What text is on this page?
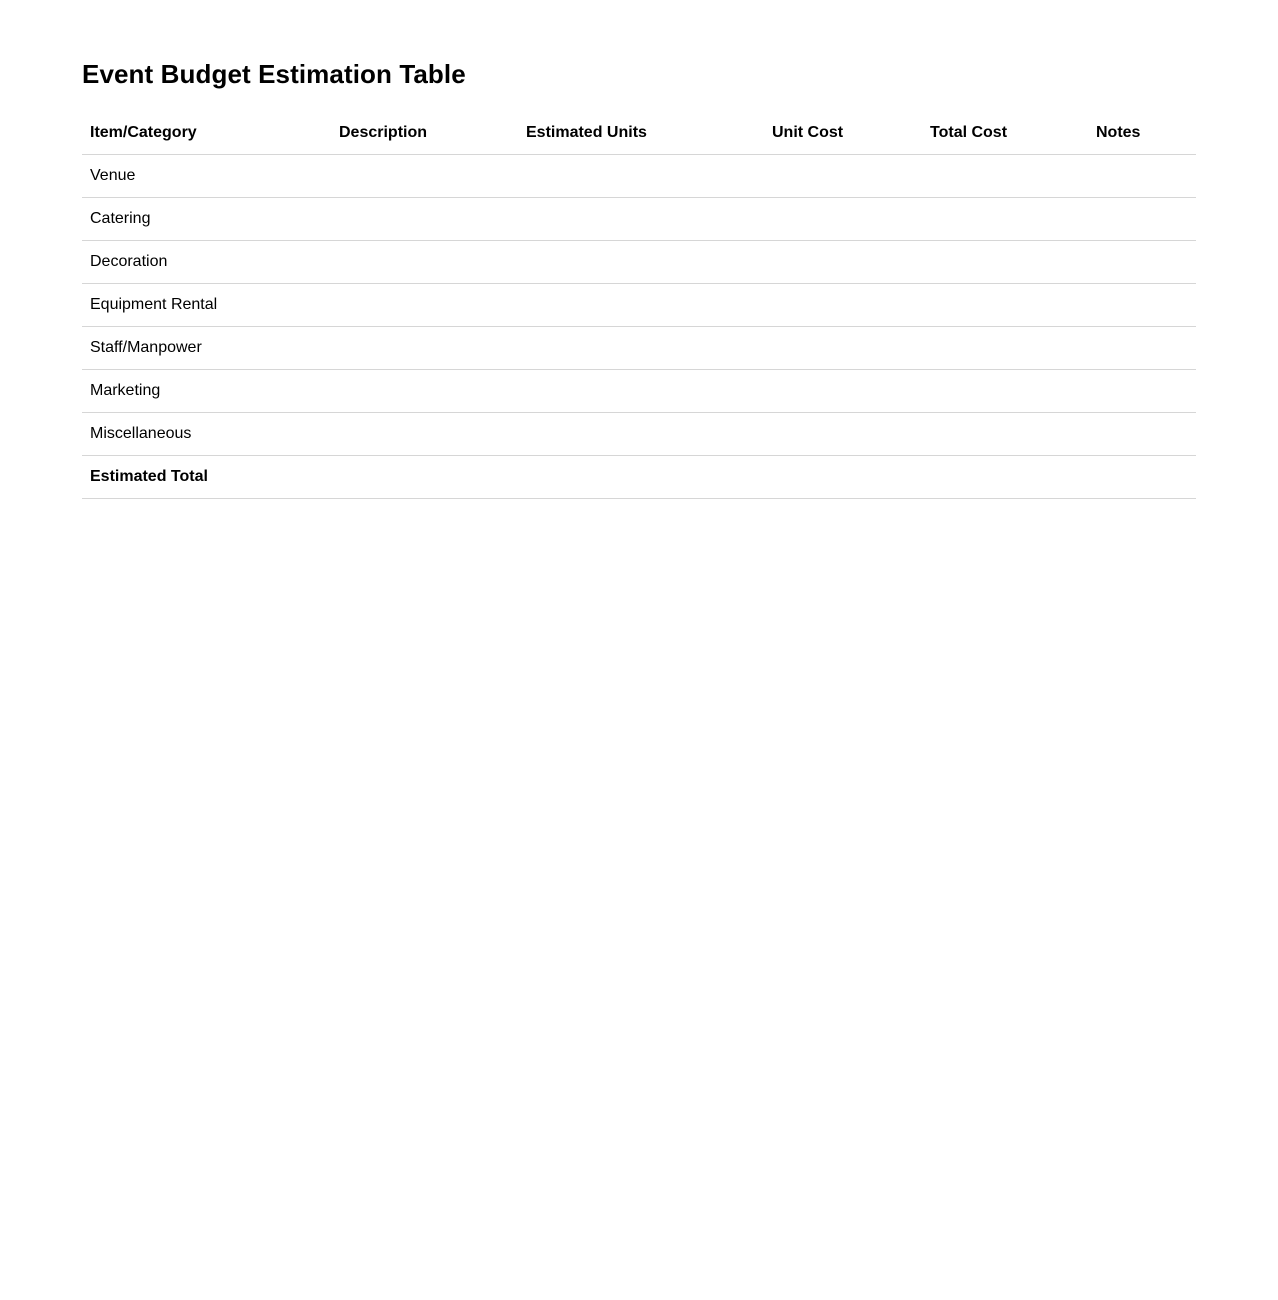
Event Budget Estimation Table
Item/Category	Description	Estimated Units	Unit Cost	Total Cost	Notes
Venue					
Catering					
Decoration					
Equipment Rental					
Staff/Manpower					
Marketing					
Miscellaneous					
Estimated Total					
